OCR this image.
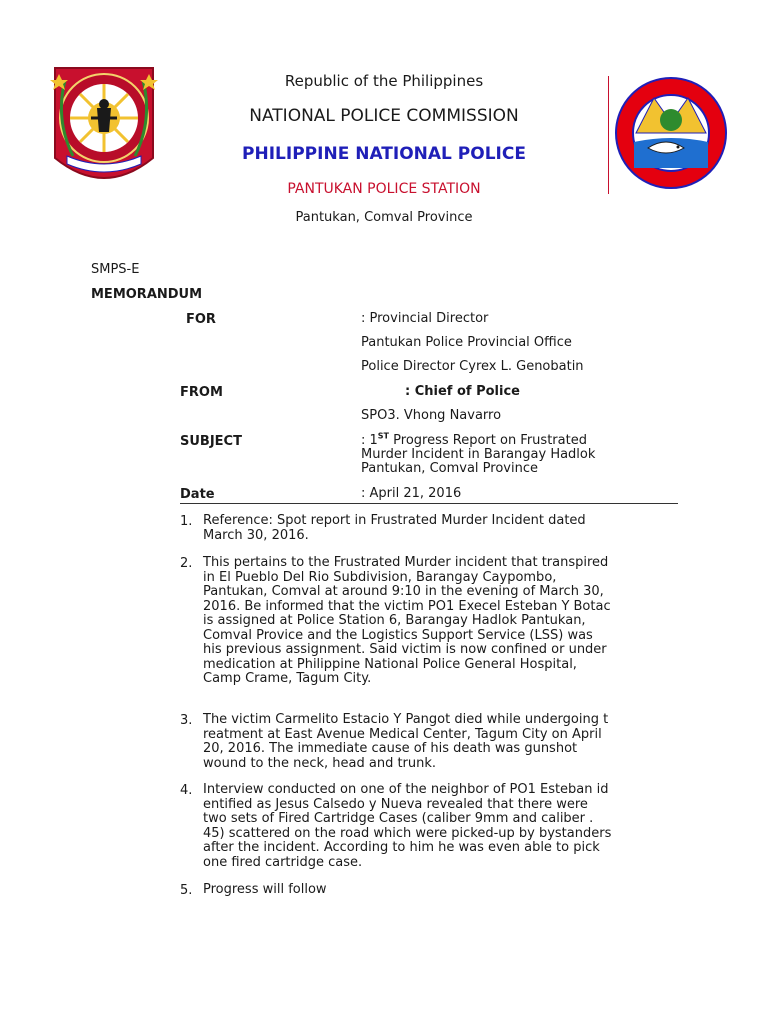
Republic of the Philippines
NATIONAL POLICE COMMISSION
PHILIPPINE NATIONAL POLICE
PANTUKAN POLICE STATION
Pantukan, Comval Province
SMPS-E
MEMORANDUM
FOR	: Provincial Director
Pantukan Police Provincial Office
Police Director Cyrex L. Genobatin
FROM	: Chief of Police
SPO3. Vhong Navarro
SUBJECT	: 1ST Progress Report on Frustrated
Murder Incident in Barangay Hadlok
Pantukan, Comval Province
Date	: April 21, 2016
1. Reference: Spot report in Frustrated Murder Incident dated
March 30, 2016.
2. This pertains to the Frustrated Murder incident that transpired
in El Pueblo Del Rio Subdivision, Barangay Caypombo,
Pantukan, Comval at around 9:10 in the evening of March 30,
2016. Be informed that the victim PO1 Execel Esteban Y Botac
is assigned at Police Station 6, Barangay Hadlok Pantukan,
Comval Provice and the Logistics Support Service (LSS) was
his previous assignment. Said victim is now confined or under
medication at Philippine National Police General Hospital,
Camp Crame, Tagum City.
3. The victim Carmelito Estacio Y Pangot died while undergoing t
reatment at East Avenue Medical Center, Tagum City on April
20, 2016. The immediate cause of his death was gunshot
wound to the neck, head and trunk.
4. Interview conducted on one of the neighbor of PO1 Esteban id
entified as Jesus Calsedo y Nueva revealed that there were
two sets of Fired Cartridge Cases (caliber 9mm and caliber .
45) scattered on the road which were picked-up by bystanders
after the incident. According to him he was even able to pick
one fired cartridge case.
5. Progress will follow
